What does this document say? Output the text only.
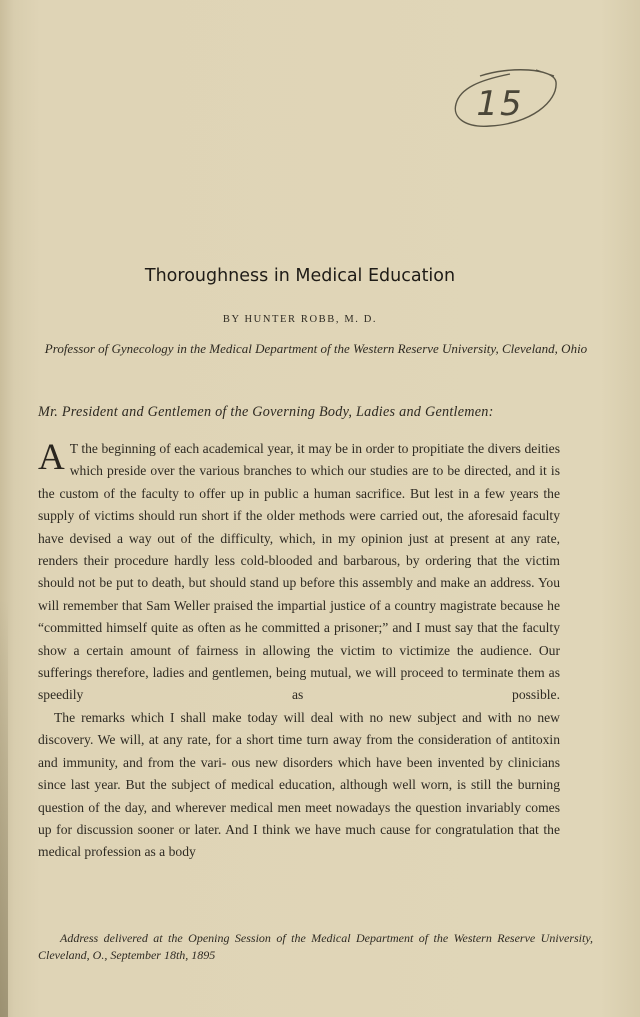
15
Thoroughness in Medical Education
BY HUNTER ROBB, M. D.
Professor of Gynecology in the Medical Department of the Western Reserve University, Cleveland, Ohio
Mr. President and Gentlemen of the Governing Body, Ladies and Gentlemen:

A T the beginning of each academical year, it may be in order to propitiate the divers deities which preside over the various branches to which our studies are to be directed, and it is the custom of the faculty to offer up in public a human sacrifice. But lest in a few years the supply of victims should run short if the older methods were carried out, the aforesaid faculty have devised a way out of the difficulty, which, in my opinion just at present at any rate, renders their procedure hardly less cold-blooded and barbarous, by ordering that the victim should not be put to death, but should stand up before this assembly and make an address. You will remember that Sam Weller praised the impartial justice of a country magistrate because he “committed himself quite as often as he committed a prisoner;” and I must say that the faculty show a certain amount of fairness in allowing the victim to victimize the audience. Our sufferings therefore, ladies and gentlemen, being mutual, we will proceed to terminate them as speedily as possible.

The remarks which I shall make today will deal with no new subject and with no new discovery. We will, at any rate, for a short time turn away from the consideration of antitoxin and immunity, and from the vari- ous new disorders which have been invented by clinicians since last year. But the subject of medical education, although well worn, is still the burning question of the day, and wherever medical men meet nowadays the question invariably comes up for discussion sooner or later. And I think we have much cause for congratulation that the medical profession as a body

Address delivered at the Opening Session of the Medical Department of the Western Reserve University, Cleveland, O., September 18th, 1895
